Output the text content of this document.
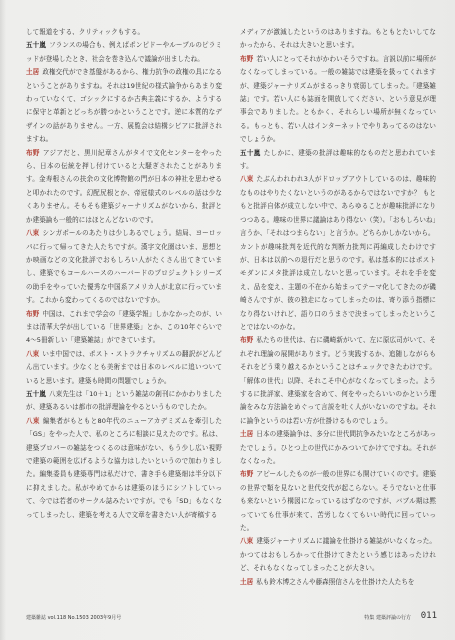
して報道をする、クリティックもする。

五十嵐 フランスの場合も、例えばポンピドーやルーブルのピラミッドが登場したとき、社会を巻き込んで議論が出ましたね。

土居 政権交代ができ基盤があるから、権力抗争の政権の具になるということがありますね。それは19世紀の様式論争からあまり変わっていなくて、ゴシックにするか古典主義にするか、ようするに保守と革新とどっちが勝つかということです。逆に本質的なデザインの話がありません。一方、展覧会は結構シビアに批評されますね。

布野 アジアだと、黒川紀章さんがタイで文化センターをやったら、日本の伝統を押し付けていると大騒ぎされたことがあります。金寿根さんの扶余の文化博物館の門が日本の神社を思わせると叩かれたのです。幻配尻根とか、帝冠様式のレベルの話は少なくありません。そもそも建築ジャーナリズムがないから、批評とか建築論も一般的にはほとんどないのです。

八束 シンガポールのあたりは少しあるでしょう。結局、ヨーロッパに行って帰ってきた人たちですが。漢字文化圏はいま、思想とか映画などの文化批評でおもしろい人がたくさん出てきていまし、建築でもコールハースのハーバードのプロジェクトシリーズの助手をやっていた優秀な中国系アメリカ人が北京に行っています。これから変わってくるのではないですか。

布野 中国は、これまで学会の「建築学報」しかなかったのが、いまは清華大学が出している「世界建築」とか、この10年ぐらいで4〜5冊新しい「建築雑誌」ができています。

八束 いま中国では、ポスト・ストラクチャリズムの翻訳がどんどん出ています。少なくとも美術までは日本のレベルに追いついていると思います。建築も時間の問題でしょうか。

五十嵐 八束先生は「10＋1」という雑誌の創刊にかかわりましたが、建築あるいは都市の批評理論をやるというものでしたか。

八束 編集者がもともと80年代のニューアカデミズムを牽引した「GS」をやった人で、私のところに相談に見えたのです。私は、建築プロパーの雑誌をつくるのは意味がない、もう少し広い視野で建築の範囲を広げるような協力はしたいというので加わりました。編集委員も建築専門は私だけで、書き手も建築畑は半分以下に抑えました。私がやめてからは建築のほうにシフトしていって、今では若者のサークル誌みたいですが。でも「SD」もなくなってしまったし、建築を考える人で文章を書きたい人が寄稿する

メディアが激減したというのはありますね。もともとたいしてなかったから、それは大きいと思います。

布野 若い人にとってそれがかわいそうですね。言説以前に場所がなくなってしまっている。一般の雑誌では建築を扱ってくれますが、建築ジャーナリズムがまるっきり衰弱してしまった。「建築雑誌」です。若い人にも誌面を開放してください、という意見が理事会でありました。ともかく、それらしい場所が無くなっている。もっとも、若い人はインターネットでやりあってるのはないでしょうか。

五十嵐 たしかに、建築の批評は趣味的なものだと思われています。

八束 たぶんわれわれ3人がドロップアウトしているのは、趣味的なものはやりたくないというのがあるからではないですか？ もともと批評自体が成立しない中で、あらゆることが趣味批評になりつつある。趣味の世界に議論はあり得ない（笑）。「おもしろいね」言うか、「それはつまらない」と言うか。どちらかしかないから。

カントが趣味批判を近代的な判断力批判に再編成したわけですが、日本は以前への退行だと思うのです。私は基本的にはポストモダンにメタ批評は成立しないと思っています。それを手を変え、品を変え、主題の不在から始まってテーマ化してきたのが磯崎さんですが、彼の独走になってしまったのは、寄り添う指標になり得ないけれど、語り口のうまさで決まってしまったということではないのかな。

布野 私たちの世代は、右に磯崎新がいて、左に原広司がいて、それぞれ理論の展開があります。どう実践するか、追随しながらもそれをどう乗り越えるかということはチェックできたわけです。「解体の世代」以降、それこそ中心がなくなってしまった。ようするに批評家、建築家を含めて、何をやったらいいのかという理論をみな方法論をめぐって言説を吐く人がいないのですね。それに論争というのは若い方が仕掛けるものでしょう。

土居 日本の建築論争は、多分に世代間抗争みたいなところがあったでしょう。ひとつ上の世代にかみついてかけてですね。それがなくなった。

布野 アピールしたものが一般の世界にも開けていくのです。建築の世界で類を見ないと世代交代が起こらない。そうでないと仕事も来ないという構図になっているはずなのですが、バブル期は黙っていても仕事が来て、苦労しなくてもいい時代に回っていった。

八束 建築ジャーナリズムに議論を仕掛ける雑誌がいなくなった。かつてはおもしろかって仕掛けてきたという感じはあったけれど、それもなくなってしまったことが大きい。

土居 私も鈴木博之さんや藤森照信さんを仕掛けた人たちを

建築雑誌 vol.118 No.1503 2003年9月号	特集 建築評論の行方 011
